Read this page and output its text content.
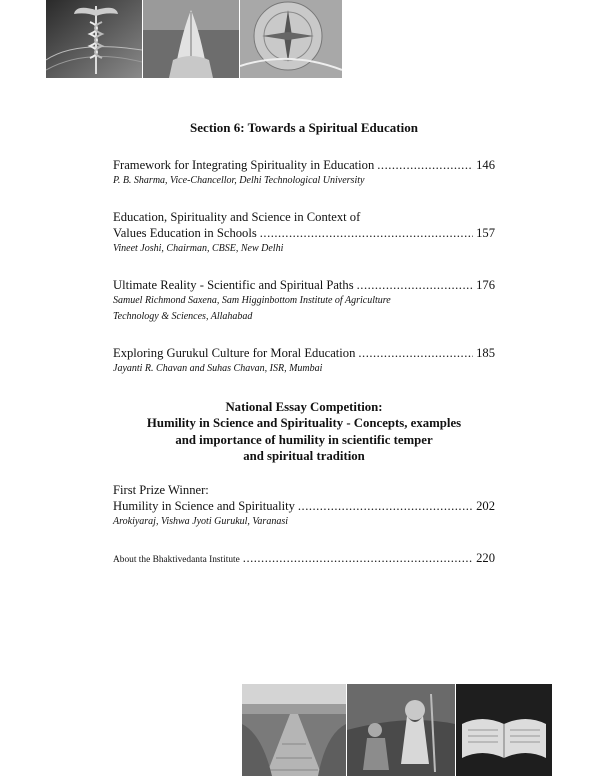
Section 6: Towards a Spiritual Education
Framework for Integrating Spirituality in Education .....	146
P. B. Sharma, Vice-Chancellor, Delhi Technological University
Education, Spirituality and Science in Context of
Values Education in Schools .....	157
Vineet Joshi, Chairman, CBSE, New Delhi
Ultimate Reality - Scientific and Spiritual Paths .....	176
Samuel Richmond Saxena, Sam Higginbottom Institute of Agriculture
Technology & Sciences, Allahabad
Exploring Gurukul Culture for Moral Education .....	185
Jayanti R. Chavan and Suhas Chavan, ISR, Mumbai
National Essay Competition:
Humility in Science and Spirituality - Concepts, examples
and importance of humility in scientific temper
and spiritual tradition
First Prize Winner:
Humility in Science and Spirituality .....	202
Arokiyaraj, Vishwa Jyoti Gurukul, Varanasi
About the Bhaktivedanta Institute .....	220
